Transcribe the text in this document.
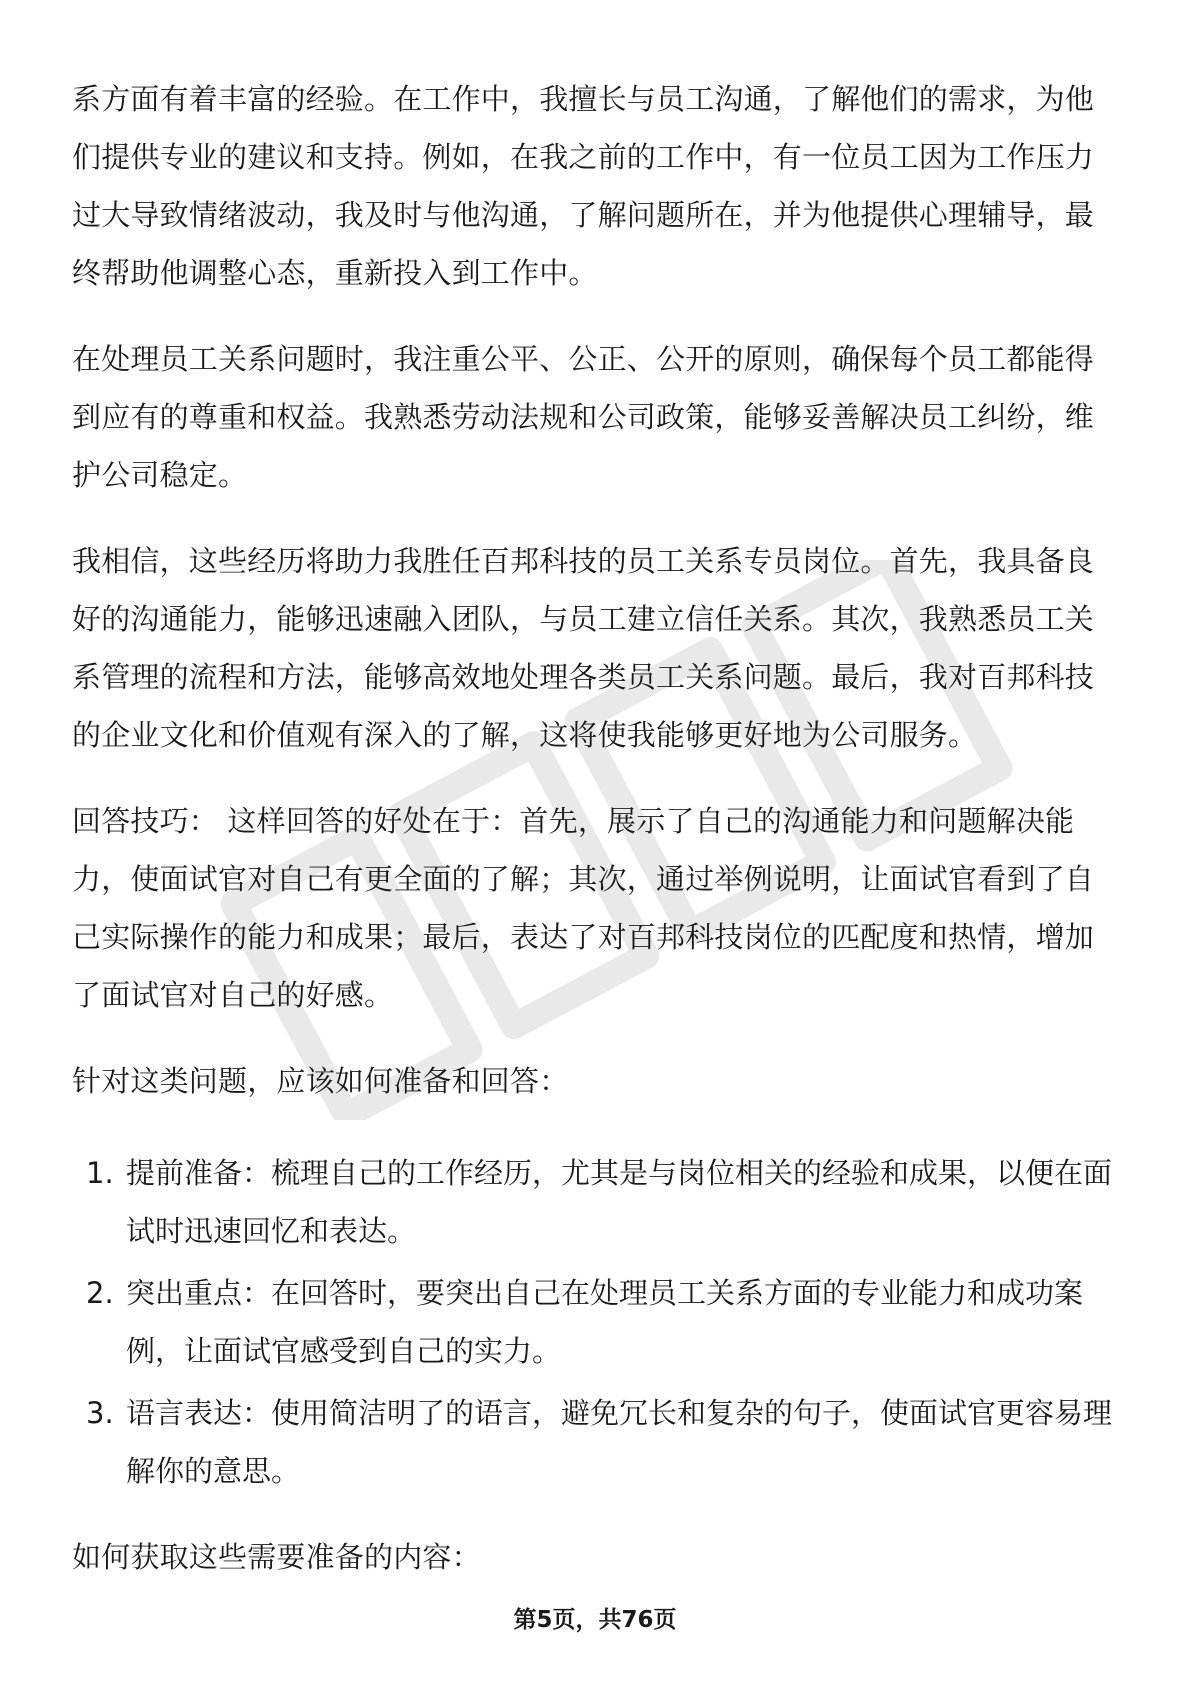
系方面有着丰富的经验。在工作中，我擅长与员工沟通，了解他们的需求，为他们提供专业的建议和支持。例如，在我之前的工作中，有一位员工因为工作压力过大导致情绪波动，我及时与他沟通，了解问题所在，并为他提供心理辅导，最终帮助他调整心态，重新投入到工作中。

在处理员工关系问题时，我注重公平、公正、公开的原则，确保每个员工都能得到应有的尊重和权益。我熟悉劳动法规和公司政策，能够妥善解决员工纠纷，维护公司稳定。

我相信，这些经历将助力我胜任百邦科技的员工关系专员岗位。首先，我具备良好的沟通能力，能够迅速融入团队，与员工建立信任关系。其次，我熟悉员工关系管理的流程和方法，能够高效地处理各类员工关系问题。最后，我对百邦科技的企业文化和价值观有深入的了解，这将使我能够更好地为公司服务。

回答技巧： 这样回答的好处在于：首先，展示了自己的沟通能力和问题解决能力，使面试官对自己有更全面的了解；其次，通过举例说明，让面试官看到了自己实际操作的能力和成果；最后，表达了对百邦科技岗位的匹配度和热情，增加了面试官对自己的好感。

针对这类问题，应该如何准备和回答：

1. 提前准备：梳理自己的工作经历，尤其是与岗位相关的经验和成果，以便在面试时迅速回忆和表达。
2. 突出重点：在回答时，要突出自己在处理员工关系方面的专业能力和成功案例，让面试官感受到自己的实力。
3. 语言表达：使用简洁明了的语言，避免冗长和复杂的句子，使面试官更容易理解你的意思。

如何获取这些需要准备的内容：

第5页，共76页
